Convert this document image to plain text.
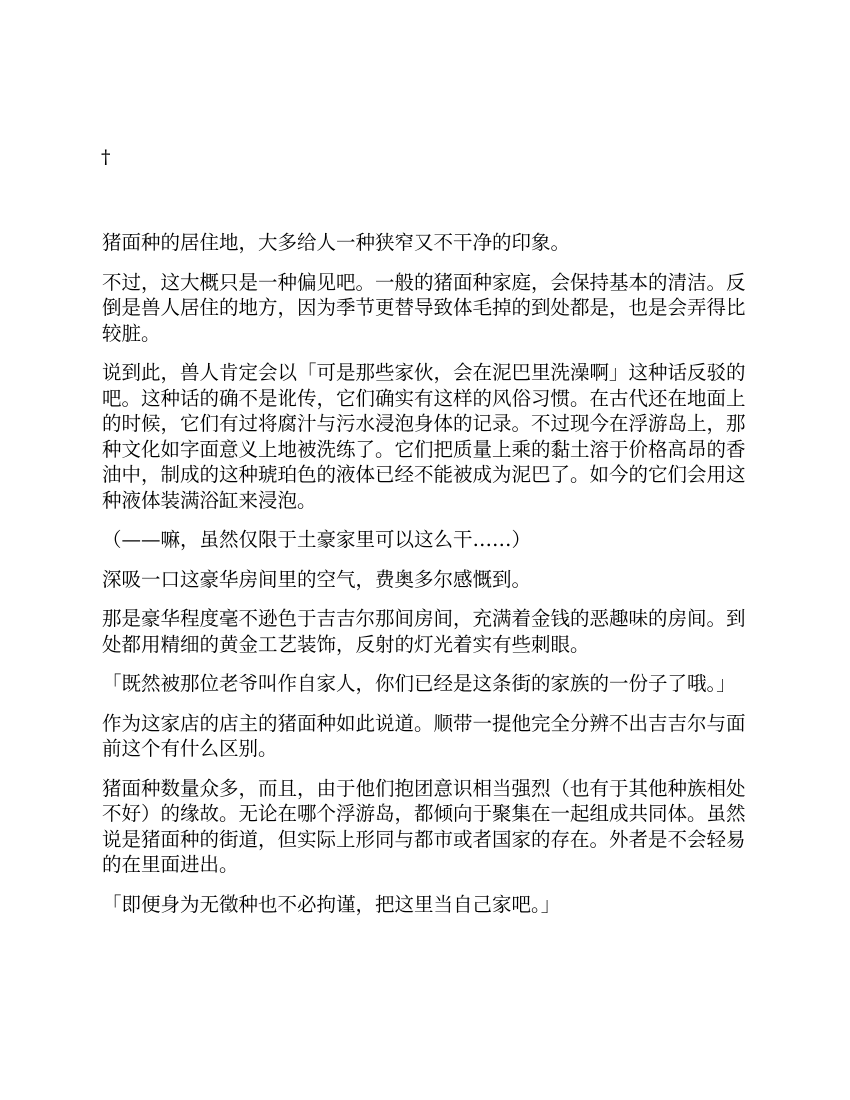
†

猪面种的居住地，大多给人一种狭窄又不干净的印象。

不过，这大概只是一种偏见吧。一般的猪面种家庭，会保持基本的清洁。反倒是兽人居住的地方，因为季节更替导致体毛掉的到处都是，也是会弄得比较脏。

说到此，兽人肯定会以「可是那些家伙，会在泥巴里洗澡啊」这种话反驳的吧。这种话的确不是讹传，它们确实有这样的风俗习惯。在古代还在地面上的时候，它们有过将腐汁与污水浸泡身体的记录。不过现今在浮游岛上，那种文化如字面意义上地被洗练了。它们把质量上乘的黏土溶于价格高昂的香油中，制成的这种琥珀色的液体已经不能被成为泥巴了。如今的它们会用这种液体装满浴缸来浸泡。

（——嘛，虽然仅限于土豪家里可以这么干……）

深吸一口这豪华房间里的空气，费奥多尔感慨到。

那是豪华程度毫不逊色于吉吉尔那间房间，充满着金钱的恶趣味的房间。到处都用精细的黄金工艺装饰，反射的灯光着实有些刺眼。

「既然被那位老爷叫作自家人，你们已经是这条街的家族的一份子了哦。」

作为这家店的店主的猪面种如此说道。顺带一提他完全分辨不出吉吉尔与面前这个有什么区别。

猪面种数量众多，而且，由于他们抱团意识相当强烈（也有于其他种族相处不好）的缘故。无论在哪个浮游岛，都倾向于聚集在一起组成共同体。虽然说是猪面种的街道，但实际上形同与都市或者国家的存在。外者是不会轻易的在里面进出。

「即便身为无徵种也不必拘谨，把这里当自己家吧。」
